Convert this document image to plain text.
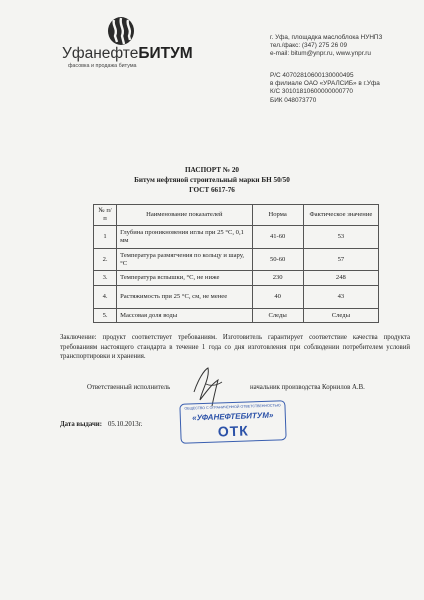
УфанефтеБИТУМ
фасовка и продажа битума
г. Уфа, площадка маслоблока НУНПЗ
тел./факс: (347) 275 26 09
e-mail: bitum@ynpr.ru, www.ynpr.ru
Р/С 40702810600130000495
в филиале ОАО «УРАЛСИБ» в г.Уфа
К/С 30101810600000000770
БИК 048073770
ПАСПОРТ № 20
Битум нефтяной строительный марки БН 50/50
ГОСТ 6617-76
№ п/п	Наименование показателей	Норма	Фактическое значение
1	Глубина проникновения иглы при 25 °С, 0,1 мм	41-60	53
2.	Температура размягчения по кольцу и шару, °С	50-60	57
3.	Температура вспышки, °С, не ниже	230	248
4.	Растяжимость при 25 °С, см, не менее	40	43
5.	Массовая доля воды	Следы	Следы
Заключение: продукт соответствует требованиям. Изготовитель гарантирует соответствие качества продукта требованиям настоящего стандарта в течение 1 года со дня изготовления при соблюдении потребителем условий транспортировки и хранения.
Ответственный исполнитель	начальник производства Корнилов А.В.
ОБЩЕСТВО С ОГРАНИЧЕННОЙ ОТВЕТСТВЕННОСТЬЮ
«УФАНЕФТЕБИТУМ»
ОТК
Дата выдачи: 05.10.2013г.
